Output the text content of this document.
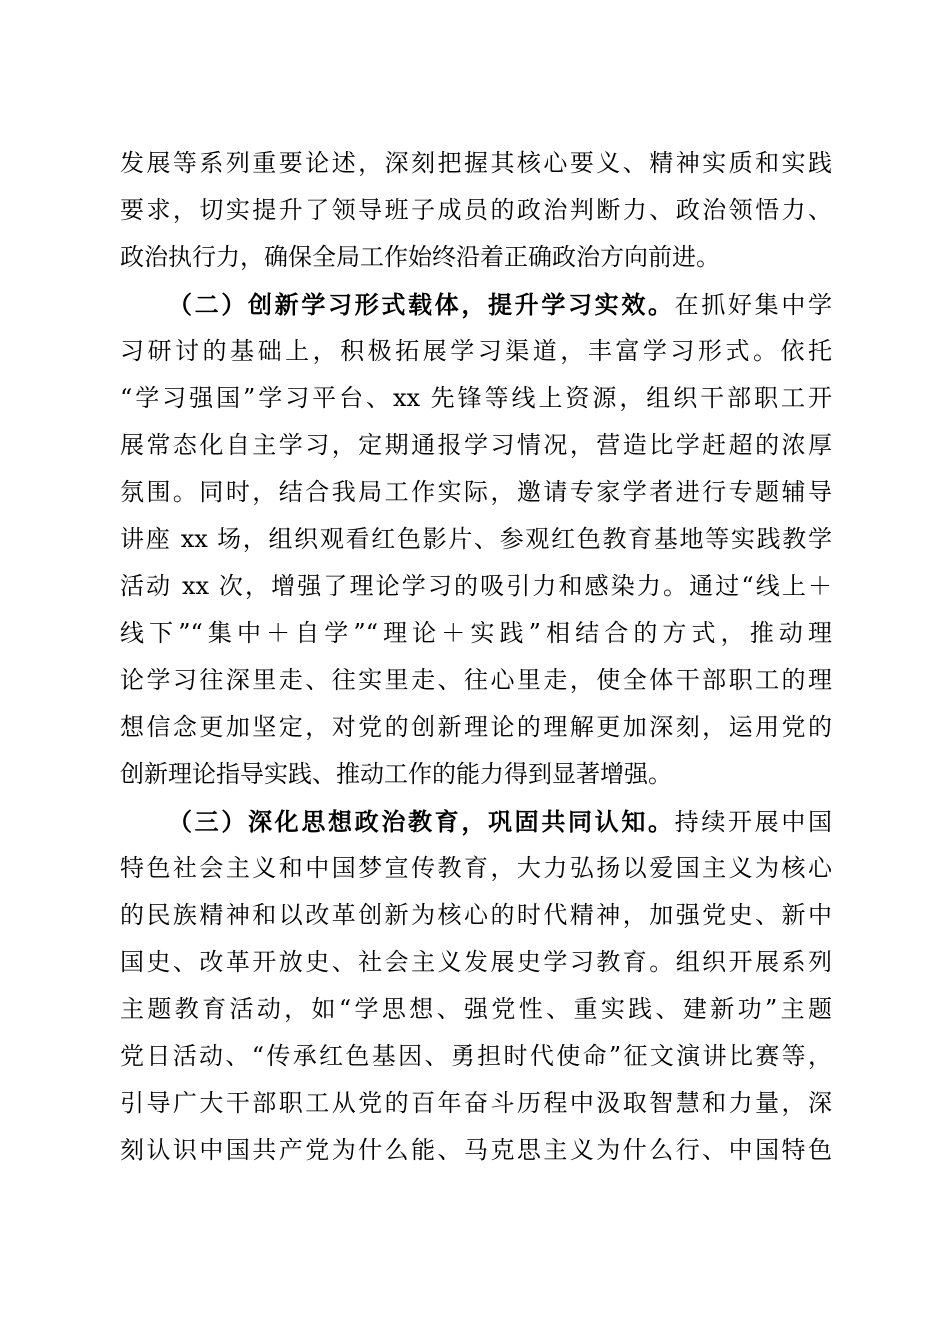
发展等系列重要论述，深刻把握其核心要义、精神实质和实践
要求，切实提升了领导班子成员的政治判断力、政治领悟力、
政治执行力，确保全局工作始终沿着正确政治方向前进。
（二）创新学习形式载体，提升学习实效。在抓好集中学
习研讨的基础上，积极拓展学习渠道，丰富学习形式。依托
“学习强国”学习平台、xx 先锋等线上资源，组织干部职工开
展常态化自主学习，定期通报学习情况，营造比学赶超的浓厚
氛围。同时，结合我局工作实际，邀请专家学者进行专题辅导
讲座 xx 场，组织观看红色影片、参观红色教育基地等实践教学
活动 xx 次，增强了理论学习的吸引力和感染力。通过“线上＋
线下”“集中＋自学”“理论＋实践”相结合的方式，推动理
论学习往深里走、往实里走、往心里走，使全体干部职工的理
想信念更加坚定，对党的创新理论的理解更加深刻，运用党的
创新理论指导实践、推动工作的能力得到显著增强。
（三）深化思想政治教育，巩固共同认知。持续开展中国
特色社会主义和中国梦宣传教育，大力弘扬以爱国主义为核心
的民族精神和以改革创新为核心的时代精神，加强党史、新中
国史、改革开放史、社会主义发展史学习教育。组织开展系列
主题教育活动，如“学思想、强党性、重实践、建新功”主题
党日活动、“传承红色基因、勇担时代使命”征文演讲比赛等，
引导广大干部职工从党的百年奋斗历程中汲取智慧和力量，深
刻认识中国共产党为什么能、马克思主义为什么行、中国特色
